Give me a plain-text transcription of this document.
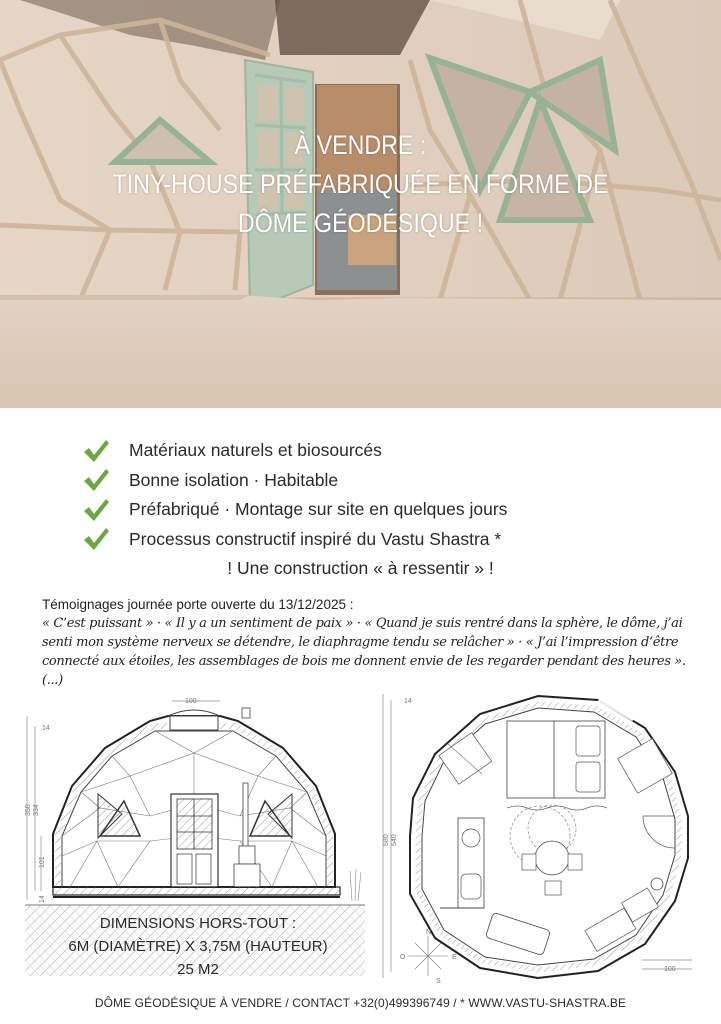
À VENDRE :
TINY-HOUSE PRÉFABRIQUÉE EN FORME DE
DÔME GÉODÉSIQUE !
Matériaux naturels et biosourcés
Bonne isolation · Habitable
Préfabriqué · Montage sur site en quelques jours
Processus constructif inspiré du Vastu Shastra *
! Une construction « à ressentir » !
Témoignages journée porte ouverte du 13/12/2025 :
« C’est puissant » · « Il y a un sentiment de paix » · « Quand je suis rentré dans la sphère, le dôme, j’ai senti mon système nerveux se détendre, le diaphragme tendu se relâcher » · « J’ai l’impression d’être connecté aux étoiles, les assemblages de bois me donnent envie de les regarder pendant des heures ». (...)
100
14
350 334
101
14
N
O	E
S
14
580 540
100
DIMENSIONS HORS-TOUT :
6M (DIAMÈTRE) X 3,75M (HAUTEUR)
25 M2
DÔME GÉODÉSIQUE À VENDRE / CONTACT +32(0)499396749 / * WWW.VASTU-SHASTRA.BE
